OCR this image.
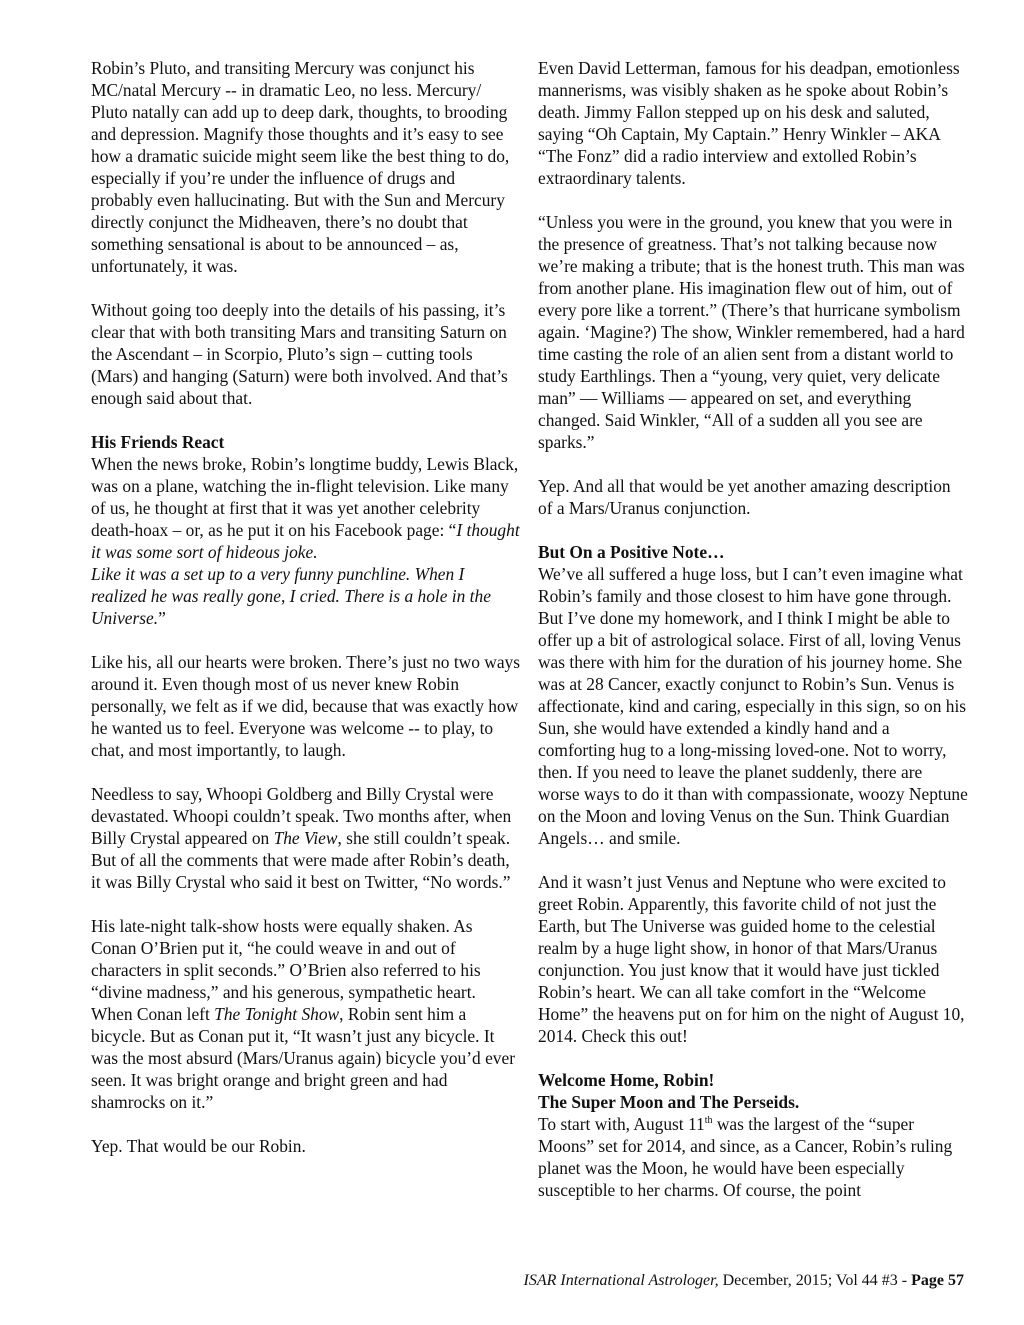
Robin’s Pluto, and transiting Mercury was conjunct his MC/natal Mercury -- in dramatic Leo, no less. Mercury/ Pluto natally can add up to deep dark, thoughts, to brooding and depression. Magnify those thoughts and it’s easy to see how a dramatic suicide might seem like the best thing to do, especially if you’re under the influence of drugs and probably even hallucinating. But with the Sun and Mercury directly conjunct the Midheaven, there’s no doubt that something sensational is about to be announced – as, unfortunately, it was.

Without going too deeply into the details of his passing, it’s clear that with both transiting Mars and transiting Saturn on the Ascendant – in Scorpio, Pluto’s sign – cutting tools (Mars) and hanging (Saturn) were both involved. And that’s enough said about that.

His Friends React
When the news broke, Robin’s longtime buddy, Lewis Black, was on a plane, watching the in-flight television. Like many of us, he thought at first that it was yet another celebrity death-hoax – or, as he put it on his Facebook page: “I thought it was some sort of hideous joke.
Like it was a set up to a very funny punchline. When I realized he was really gone, I cried. There is a hole in the Universe.”

Like his, all our hearts were broken. There’s just no two ways around it. Even though most of us never knew Robin personally, we felt as if we did, because that was exactly how he wanted us to feel. Everyone was welcome -- to play, to chat, and most importantly, to laugh.

Needless to say, Whoopi Goldberg and Billy Crystal were devastated. Whoopi couldn’t speak. Two months after, when Billy Crystal appeared on The View, she still couldn’t speak. But of all the comments that were made after Robin’s death, it was Billy Crystal who said it best on Twitter, “No words.”

His late-night talk-show hosts were equally shaken. As Conan O’Brien put it, “he could weave in and out of characters in split seconds.” O’Brien also referred to his “divine madness,” and his generous, sympathetic heart. When Conan left The Tonight Show, Robin sent him a bicycle. But as Conan put it, “It wasn’t just any bicycle. It was the most absurd (Mars/Uranus again) bicycle you’d ever seen. It was bright orange and bright green and had shamrocks on it.”

Yep. That would be our Robin.

Even David Letterman, famous for his deadpan, emotionless mannerisms, was visibly shaken as he spoke about Robin’s death. Jimmy Fallon stepped up on his desk and saluted, saying “Oh Captain, My Captain.” Henry Winkler – AKA “The Fonz” did a radio interview and extolled Robin’s extraordinary talents.

“Unless you were in the ground, you knew that you were in the presence of greatness. That’s not talking because now we’re making a tribute; that is the honest truth. This man was from another plane. His imagination flew out of him, out of every pore like a torrent.” (There’s that hurricane symbolism again. ‘Magine?) The show, Winkler remembered, had a hard time casting the role of an alien sent from a distant world to study Earthlings. Then a “young, very quiet, very delicate man” — Williams — appeared on set, and everything changed. Said Winkler, “All of a sudden all you see are sparks.”

Yep. And all that would be yet another amazing description of a Mars/Uranus conjunction.

But On a Positive Note…
We’ve all suffered a huge loss, but I can’t even imagine what Robin’s family and those closest to him have gone through. But I’ve done my homework, and I think I might be able to offer up a bit of astrological solace. First of all, loving Venus was there with him for the duration of his journey home. She was at 28 Cancer, exactly conjunct to Robin’s Sun. Venus is affectionate, kind and caring, especially in this sign, so on his Sun, she would have extended a kindly hand and a comforting hug to a long-missing loved-one. Not to worry, then. If you need to leave the planet suddenly, there are worse ways to do it than with compassionate, woozy Neptune on the Moon and loving Venus on the Sun. Think Guardian Angels… and smile.

And it wasn’t just Venus and Neptune who were excited to greet Robin. Apparently, this favorite child of not just the Earth, but The Universe was guided home to the celestial realm by a huge light show, in honor of that Mars/Uranus conjunction. You just know that it would have just tickled Robin’s heart. We can all take comfort in the “Welcome Home” the heavens put on for him on the night of August 10, 2014. Check this out!

Welcome Home, Robin!
The Super Moon and The Perseids.
To start with, August 11th was the largest of the “super Moons” set for 2014, and since, as a Cancer, Robin’s ruling planet was the Moon, he would have been especially susceptible to her charms. Of course, the point

ISAR International Astrologer, December, 2015; Vol 44 #3 - Page 57
